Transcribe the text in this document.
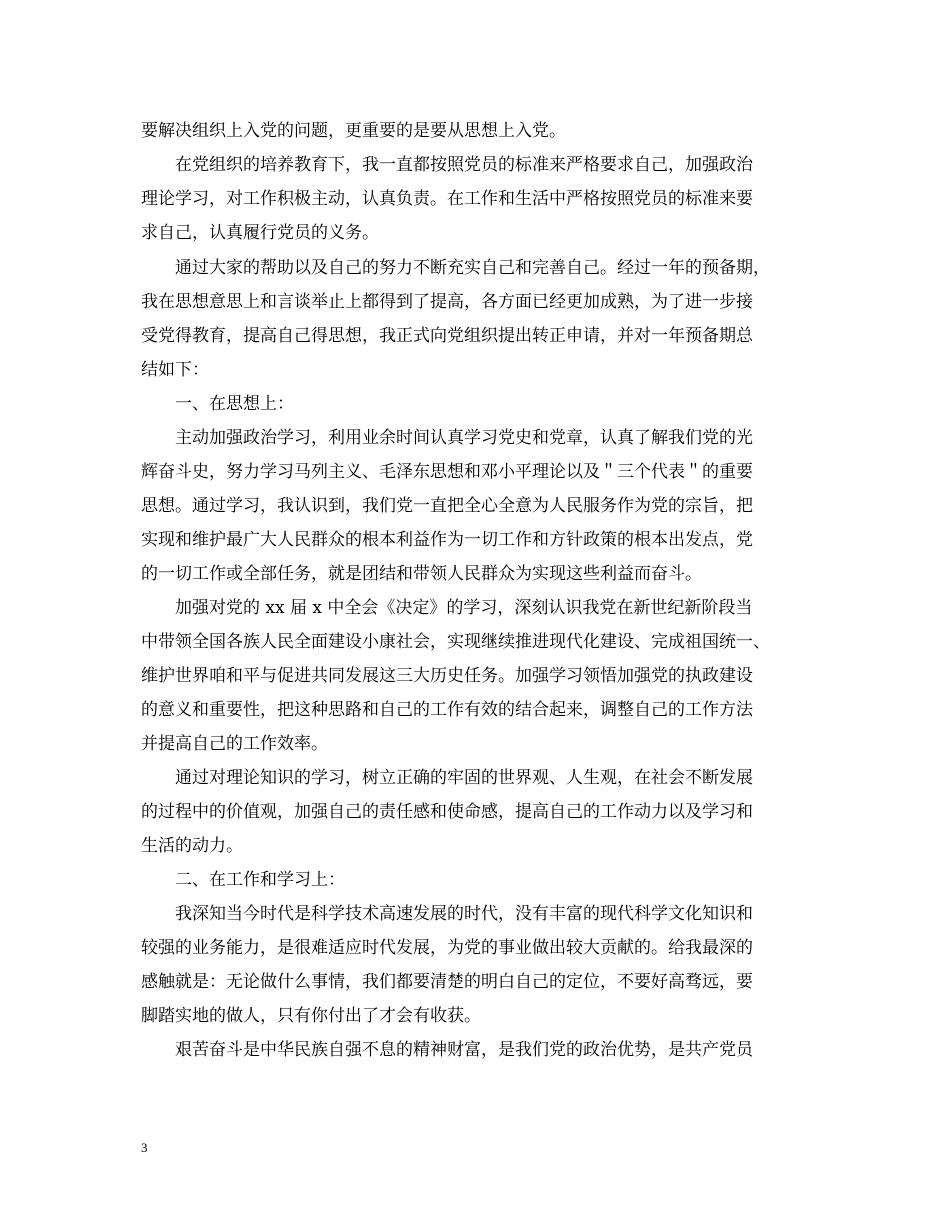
要解决组织上入党的问题，更重要的是要从思想上入党。
在党组织的培养教育下，我一直都按照党员的标准来严格要求自己，加强政治
理论学习，对工作积极主动，认真负责。在工作和生活中严格按照党员的标准来要
求自己，认真履行党员的义务。
通过大家的帮助以及自己的努力不断充实自己和完善自己。经过一年的预备期，
我在思想意思上和言谈举止上都得到了提高，各方面已经更加成熟，为了进一步接
受党得教育，提高自己得思想，我正式向党组织提出转正申请，并对一年预备期总
结如下：
一、在思想上：
主动加强政治学习，利用业余时间认真学习党史和党章，认真了解我们党的光
辉奋斗史，努力学习马列主义、毛泽东思想和邓小平理论以及＂三个代表＂的重要
思想。通过学习，我认识到，我们党一直把全心全意为人民服务作为党的宗旨，把
实现和维护最广大人民群众的根本利益作为一切工作和方针政策的根本出发点，党
的一切工作或全部任务，就是团结和带领人民群众为实现这些利益而奋斗。
加强对党的 xx 届 x 中全会《决定》的学习，深刻认识我党在新世纪新阶段当
中带领全国各族人民全面建设小康社会，实现继续推进现代化建设、完成祖国统一、
维护世界咱和平与促进共同发展这三大历史任务。加强学习领悟加强党的执政建设
的意义和重要性，把这种思路和自己的工作有效的结合起来，调整自己的工作方法
并提高自己的工作效率。
通过对理论知识的学习，树立正确的牢固的世界观、人生观，在社会不断发展
的过程中的价值观，加强自己的责任感和使命感，提高自己的工作动力以及学习和
生活的动力。
二、在工作和学习上：
我深知当今时代是科学技术高速发展的时代，没有丰富的现代科学文化知识和
较强的业务能力，是很难适应时代发展，为党的事业做出较大贡献的。给我最深的
感触就是：无论做什么事情，我们都要清楚的明白自己的定位，不要好高骛远，要
脚踏实地的做人，只有你付出了才会有收获。
艰苦奋斗是中华民族自强不息的精神财富，是我们党的政治优势，是共产党员
3
